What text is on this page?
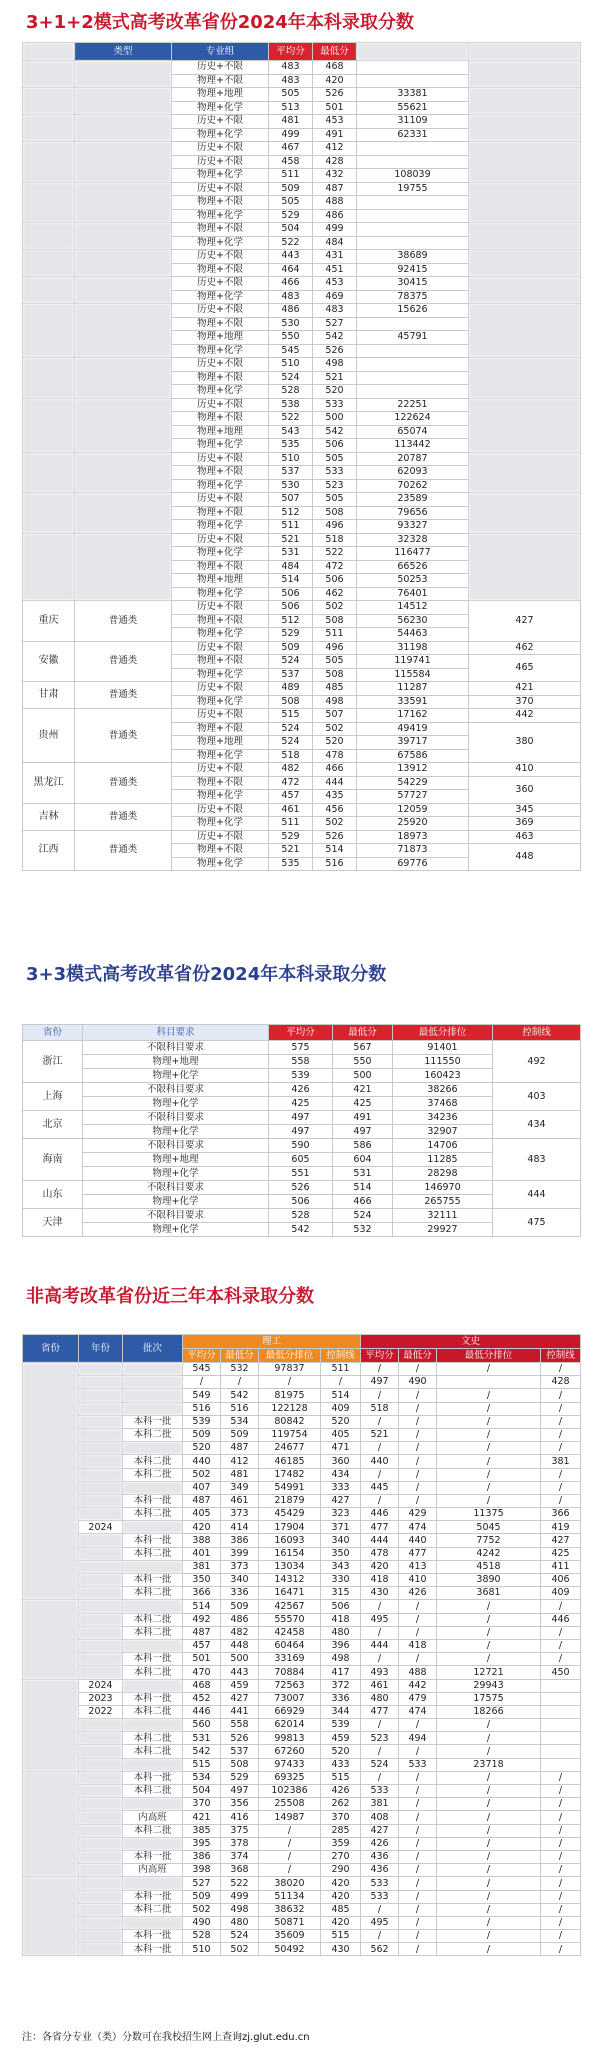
3+1+2模式高考改革省份2024年本科录取分数
	类型	专业组	平均分	最低分		
		历史+不限	483	468		
		物理+不限	483	420		
		物理+地理	505	526	33381	
		物理+化学	513	501	55621	
		历史+不限	481	453	31109	
		物理+化学	499	491	62331	
		历史+不限	467	412		
		历史+不限	458	428		
		物理+化学	511	432	108039	
		历史+不限	509	487	19755	
		物理+不限	505	488		
		物理+化学	529	486		
		物理+不限	504	499		
		物理+化学	522	484		
		历史+不限	443	431	38689	
		物理+不限	464	451	92415	
		历史+不限	466	453	30415	
		物理+化学	483	469	78375	
		历史+不限	486	483	15626	
		物理+不限	530	527		
		物理+地理	550	542	45791	
		物理+化学	545	526		
		历史+不限	510	498		
		物理+不限	524	521		
		物理+化学	528	520		
		历史+不限	538	533	22251	
		物理+不限	522	500	122624	
		物理+地理	543	542	65074	
		物理+化学	535	506	113442	
		历史+不限	510	505	20787	
		物理+不限	537	533	62093	
		物理+化学	530	523	70262	
		历史+不限	507	505	23589	
		物理+不限	512	508	79656	
		物理+化学	511	496	93327	
		历史+不限	521	518	32328	
		物理+化学	531	522	116477	
		物理+不限	484	472	66526	
		物理+地理	514	506	50253	
		物理+化学	506	462	76401	
重庆	普通类	历史+不限	506	502	14512	427
		物理+不限	512	508	56230	
		物理+化学	529	511	54463	
安徽	普通类	历史+不限	509	496	31198	462
		物理+不限	524	505	119741	465
		物理+化学	537	508	115584	
甘肃	普通类	历史+不限	489	485	11287	421
		物理+化学	508	498	33591	370
贵州	普通类	历史+不限	515	507	17162	442
		物理+不限	524	502	49419	380
		物理+地理	524	520	39717	
		物理+化学	518	478	67586	
黑龙江	普通类	历史+不限	482	466	13912	410
		物理+不限	472	444	54229	360
		物理+化学	457	435	57727	
吉林	普通类	历史+不限	461	456	12059	345
		物理+化学	511	502	25920	369
江西	普通类	历史+不限	529	526	18973	463
		物理+不限	521	514	71873	448
		物理+化学	535	516	69776	
3+3模式高考改革省份2024年本科录取分数
省份	科目要求	平均分	最低分	最低分排位	控制线
浙江	不限科目要求	575	567	91401	492
	物理+地理	558	550	111550	
	物理+化学	539	500	160423	
上海	不限科目要求	426	421	38266	403
	物理+化学	425	425	37468	
北京	不限科目要求	497	491	34236	434
	物理+化学	497	497	32907	
海南	不限科目要求	590	586	14706	483
	物理+地理	605	604	11285	
	物理+化学	551	531	28298	
山东	不限科目要求	526	514	146970	444
	物理+化学	506	466	265755	
天津	不限科目要求	528	524	32111	475
	物理+化学	542	532	29927	
非高考改革省份近三年本科录取分数
省份	年份	批次	理工				文史			
			平均分	最低分	最低分排位	控制线	平均分	最低分	最低分排位	控制线
			545	532	97837	511	/	/	/	/
			/	/	/	/	497	490		428
			549	542	81975	514	/	/	/	/
			516	516	122128	409	518	/	/	/
		本科一批	539	534	80842	520	/	/	/	/
		本科二批	509	509	119754	405	521	/	/	/
			520	487	24677	471	/	/	/	/
		本科二批	440	412	46185	360	440	/	/	381
		本科二批	502	481	17482	434	/	/	/	/
			407	349	54991	333	445	/	/	/
		本科一批	487	461	21879	427	/	/	/	/
		本科二批	405	373	45429	323	446	429	11375	366
	2024		420	414	17904	371	477	474	5045	419
		本科一批	388	386	16093	340	444	440	7752	427
		本科二批	401	399	16154	350	478	477	4242	425
			381	373	13034	343	420	413	4518	411
		本科一批	350	340	14312	330	418	410	3890	406
		本科二批	366	336	16471	315	430	426	3681	409
			514	509	42567	506	/	/	/	/
		本科二批	492	486	55570	418	495	/	/	446
		本科二批	487	482	42458	480	/	/	/	/
			457	448	60464	396	444	418	/	/
		本科一批	501	500	33169	498	/	/	/	/
		本科二批	470	443	70884	417	493	488	12721	450
	2024		468	459	72563	372	461	442	29943	
	2023	本科一批	452	427	73007	336	480	479	17575	
	2022	本科二批	446	441	66929	344	477	474	18266	
			560	558	62014	539	/	/	/	
		本科二批	531	526	99813	459	523	494	/	
		本科二批	542	537	67260	520	/	/	/	
			515	508	97433	433	524	533	23718	
		本科一批	534	529	69325	515	/	/	/	/
		本科二批	504	497	102386	426	533	/	/	/
			370	356	25508	262	381	/	/	/
		内高班	421	416	14987	370	408	/	/	/
		本科二批	385	375	/	285	427	/	/	/
			395	378	/	359	426	/	/	/
		本科一批	386	374	/	270	436	/	/	/
		内高班	398	368	/	290	436	/	/	/
			527	522	38020	420	533	/	/	/
		本科一批	509	499	51134	420	533	/	/	/
		本科二批	502	498	38632	485	/	/	/	/
			490	480	50871	420	495	/	/	/
		本科一批	528	524	35609	515	/	/	/	/
		本科一批	510	502	50492	430	562	/	/	/
注：各省分专业（类）分数可在我校招生网上查询zj.glut.edu.cn
